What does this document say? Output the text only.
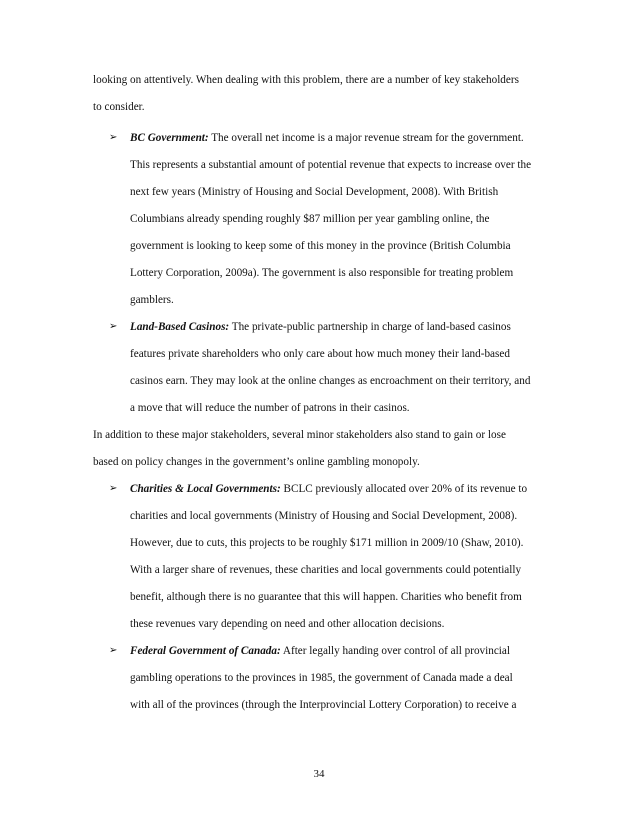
looking on attentively. When dealing with this problem, there are a number of key stakeholders
to consider.
➢ BC Government: The overall net income is a major revenue stream for the government.
This represents a substantial amount of potential revenue that expects to increase over the
next few years (Ministry of Housing and Social Development, 2008). With British
Columbians already spending roughly $87 million per year gambling online, the
government is looking to keep some of this money in the province (British Columbia
Lottery Corporation, 2009a). The government is also responsible for treating problem
gamblers.
➢ Land-Based Casinos: The private-public partnership in charge of land-based casinos
features private shareholders who only care about how much money their land-based
casinos earn. They may look at the online changes as encroachment on their territory, and
a move that will reduce the number of patrons in their casinos.
In addition to these major stakeholders, several minor stakeholders also stand to gain or lose
based on policy changes in the government’s online gambling monopoly.
➢ Charities & Local Governments: BCLC previously allocated over 20% of its revenue to
charities and local governments (Ministry of Housing and Social Development, 2008).
However, due to cuts, this projects to be roughly $171 million in 2009/10 (Shaw, 2010).
With a larger share of revenues, these charities and local governments could potentially
benefit, although there is no guarantee that this will happen. Charities who benefit from
these revenues vary depending on need and other allocation decisions.
➢ Federal Government of Canada: After legally handing over control of all provincial
gambling operations to the provinces in 1985, the government of Canada made a deal
with all of the provinces (through the Interprovincial Lottery Corporation) to receive a
34
